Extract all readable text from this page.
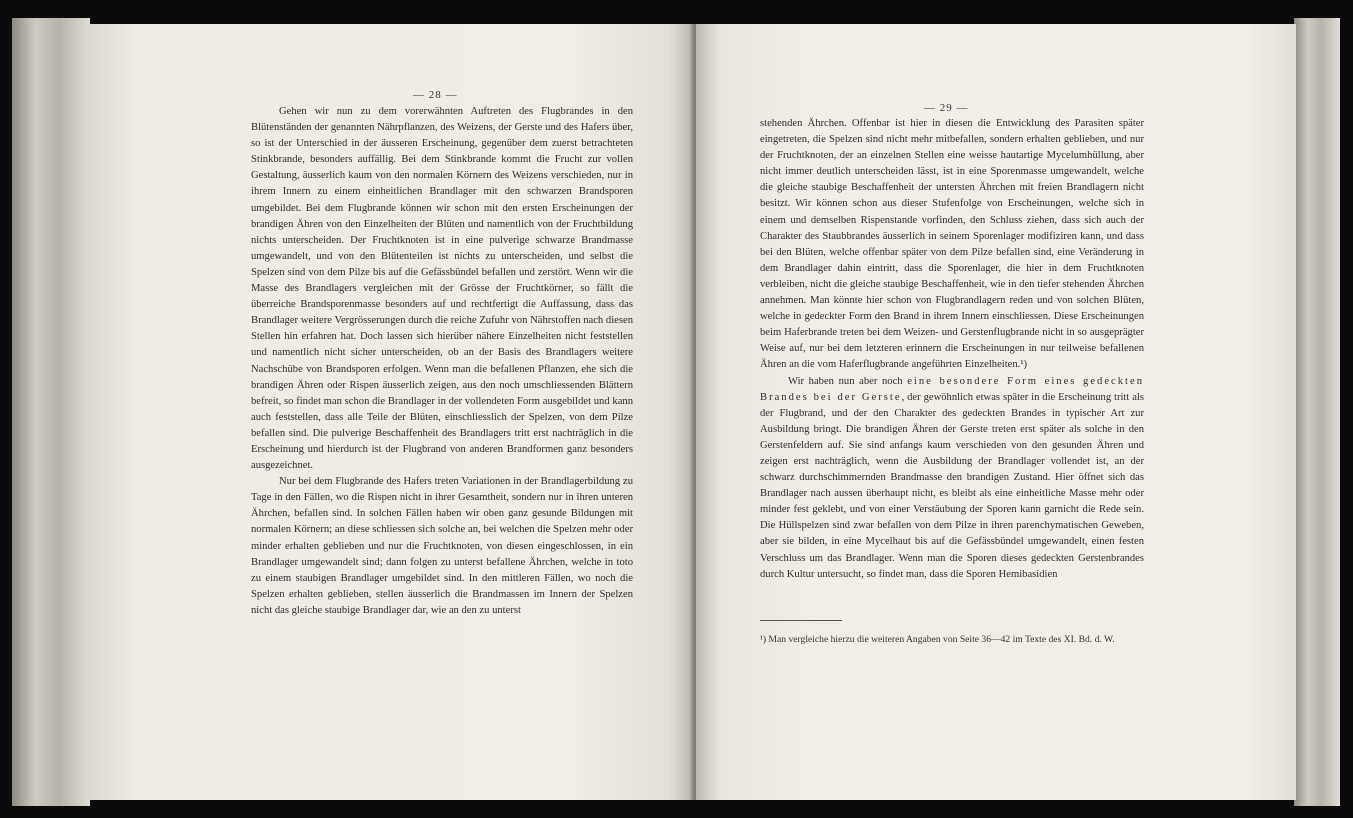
— 28 —

Gehen wir nun zu dem vorerwähnten Auftreten des Flugbrandes in den Blütenständen der genannten Nährpflanzen, des Weizens, der Gerste und des Hafers über, so ist der Unterschied in der äusseren Erscheinung, gegenüber dem zuerst betrachteten Stinkbrande, besonders auffällig. Bei dem Stinkbrande kommt die Frucht zur vollen Gestaltung, äusserlich kaum von den normalen Körnern des Weizens verschieden, nur in ihrem Innern zu einem einheitlichen Brandlager mit den schwarzen Brandsporen umgebildet. Bei dem Flugbrande können wir schon mit den ersten Erscheinungen der brandigen Ähren von den Einzelheiten der Blüten und namentlich von der Fruchtbildung nichts unterscheiden. Der Fruchtknoten ist in eine pulverige schwarze Brandmasse umgewandelt, und von den Blütenteilen ist nichts zu unterscheiden, und selbst die Spelzen sind von dem Pilze bis auf die Gefässbündel befallen und zerstört. Wenn wir die Masse des Brandlagers vergleichen mit der Grösse der Fruchtkörner, so fällt die überreiche Brandsporenmasse besonders auf und rechtfertigt die Auffassung, dass das Brandlager weitere Vergrösserungen durch die reiche Zufuhr von Nährstoffen nach diesen Stellen hin erfahren hat. Doch lassen sich hierüber nähere Einzelheiten nicht feststellen und namentlich nicht sicher unterscheiden, ob an der Basis des Brandlagers weitere Nachschübe von Brandsporen erfolgen. Wenn man die befallenen Pflanzen, ehe sich die brandigen Ähren oder Rispen äusserlich zeigen, aus den noch umschliessenden Blättern befreit, so findet man schon die Brandlager in der vollendeten Form ausgebildet und kann auch feststellen, dass alle Teile der Blüten, einschliesslich der Spelzen, von dem Pilze befallen sind. Die pulverige Beschaffenheit des Brandlagers tritt erst nachträglich in die Erscheinung und hierdurch ist der Flugbrand von anderen Brandformen ganz besonders ausgezeichnet.

Nur bei dem Flugbrande des Hafers treten Variationen in der Brandlagerbildung zu Tage in den Fällen, wo die Rispen nicht in ihrer Gesamtheit, sondern nur in ihren unteren Ährchen, befallen sind. In solchen Fällen haben wir oben ganz gesunde Bildungen mit normalen Körnern; an diese schliessen sich solche an, bei welchen die Spelzen mehr oder minder erhalten geblieben und nur die Fruchtknoten, von diesen eingeschlossen, in ein Brandlager umgewandelt sind; dann folgen zu unterst befallene Ährchen, welche in toto zu einem staubigen Brandlager umgebildet sind. In den mittleren Fällen, wo noch die Spelzen erhalten geblieben, stellen äusserlich die Brandmassen im Innern der Spelzen nicht das gleiche staubige Brandlager dar, wie an den zu unterst

— 29 —

stehenden Ährchen. Offenbar ist hier in diesen die Entwicklung des Parasiten später eingetreten, die Spelzen sind nicht mehr mitbefallen, sondern erhalten geblieben, und nur der Fruchtknoten, der an einzelnen Stellen eine weisse hautartige Mycelumhüllung, aber nicht immer deutlich unterscheiden lässt, ist in eine Sporenmasse umgewandelt, welche die gleiche staubige Beschaffenheit der untersten Ährchen mit freien Brandlagern nicht besitzt. Wir können schon aus dieser Stufenfolge von Erscheinungen, welche sich in einem und demselben Rispenstande vorfinden, den Schluss ziehen, dass sich auch der Charakter des Staubbrandes äusserlich in seinem Sporenlager modifiziren kann, und dass bei den Blüten, welche offenbar später von dem Pilze befallen sind, eine Veränderung in dem Brandlager dahin eintritt, dass die Sporenlager, die hier in dem Fruchtknoten verbleiben, nicht die gleiche staubige Beschaffenheit, wie in den tiefer stehenden Ährchen annehmen. Man könnte hier schon von Flugbrandlagern reden und von solchen Blüten, welche in gedeckter Form den Brand in ihrem Innern einschliessen. Diese Erscheinungen beim Haferbrande treten bei dem Weizen- und Gerstenflugbrande nicht in so ausgeprägter Weise auf, nur bei dem letzteren erinnern die Erscheinungen in nur teilweise befallenen Ähren an die vom Haferflugbrande angeführten Einzelheiten.¹)

Wir haben nun aber noch eine besondere Form eines gedeckten Brandes bei der Gerste, der gewöhnlich etwas später in die Erscheinung tritt als der Flugbrand, und der den Charakter des gedeckten Brandes in typischer Art zur Ausbildung bringt. Die brandigen Ähren der Gerste treten erst später als solche in den Gerstenfeldern auf. Sie sind anfangs kaum verschieden von den gesunden Ähren und zeigen erst nachträglich, wenn die Ausbildung der Brandlager vollendet ist, an der schwarz durchschimmernden Brandmasse den brandigen Zustand. Hier öffnet sich das Brandlager nach aussen überhaupt nicht, es bleibt als eine einheitliche Masse mehr oder minder fest geklebt, und von einer Verstäubung der Sporen kann garnicht die Rede sein. Die Hüllspelzen sind zwar befallen von dem Pilze in ihren parenchymatischen Geweben, aber sie bilden, in eine Mycelhaut bis auf die Gefässbündel umgewandelt, einen festen Verschluss um das Brandlager. Wenn man die Sporen dieses gedeckten Gerstenbrandes durch Kultur untersucht, so findet man, dass die Sporen Hemibasidien

¹) Man vergleiche hierzu die weiteren Angaben von Seite 36—42 im Texte des XI. Bd. d. W.
